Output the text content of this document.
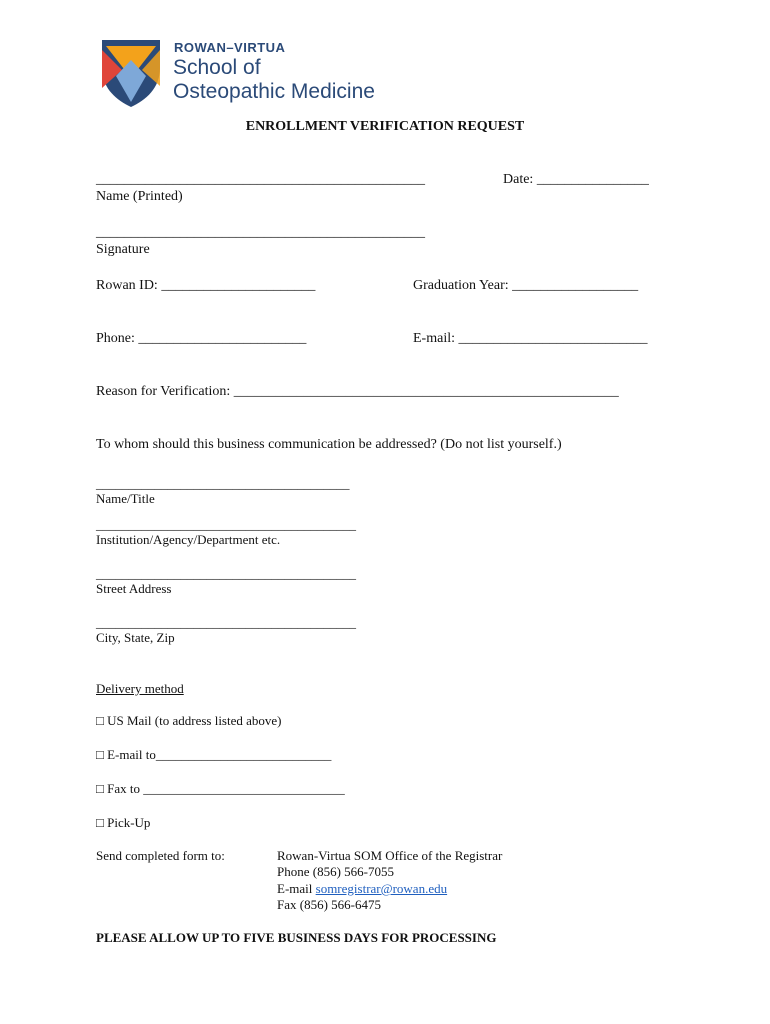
ROWAN–VIRTUA
School of
Osteopathic Medicine
ENROLLMENT VERIFICATION REQUEST
_______________________________________________	Date: ________________
Name (Printed)
_______________________________________________
Signature
Rowan ID: ______________________	Graduation Year: __________________
Phone: ________________________	E-mail: ___________________________
Reason for Verification: _______________________________________________________
To whom should this business communication be addressed? (Do not list yourself.)
_______________________________________
Name/Title
________________________________________
Institution/Agency/Department etc.
________________________________________
Street Address
________________________________________
City, State, Zip
Delivery method
□ US Mail (to address listed above)
□ E-mail to___________________________
□ Fax to _______________________________
□ Pick-Up
Send completed form to:	Rowan-Virtua SOM Office of the Registrar
Phone (856) 566-7055
E-mail somregistrar@rowan.edu
Fax (856) 566-6475
PLEASE ALLOW UP TO FIVE BUSINESS DAYS FOR PROCESSING
